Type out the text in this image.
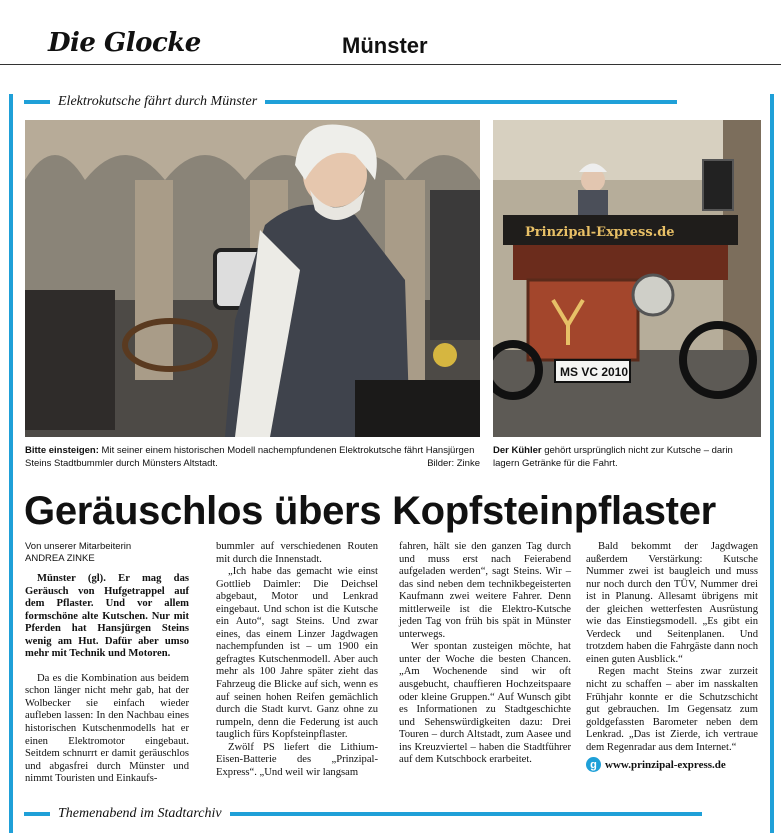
Die Glocke	Münster
Elektrokutsche fährt durch Münster
Prinzipal-Express.de
MS VC 2010
Bitte einsteigen: Mit seiner einem historischen Modell nachempfundenen Elektrokutsche fährt Hansjürgen Steins Stadtbummler durch Münsters Altstadt.	Bilder: Zinke
Der Kühler gehört ursprünglich nicht zur Kutsche – darin lagern Getränke für die Fahrt.
Geräuschlos übers Kopfsteinpflaster
Von unserer Mitarbeiterin
ANDREA ZINKE

Münster (gl). Er mag das Geräusch von Hufgetrappel auf dem Pflaster. Und vor allem formschöne alte Kutschen. Nur mit Pferden hat Hansjürgen Steins wenig am Hut. Dafür aber umso mehr mit Technik und Motoren.

Da es die Kombination aus beidem schon länger nicht mehr gab, hat der Wolbecker sie einfach wieder aufleben lassen: In den Nachbau eines historischen Kutschenmodells hat er einen Elektromotor eingebaut. Seitdem schnurrt er damit geräuschlos und abgasfrei durch Münster und nimmt Touristen und Einkaufs-

bummler auf verschiedenen Routen mit durch die Innenstadt.

„Ich habe das gemacht wie einst Gottlieb Daimler: Die Deichsel abgebaut, Motor und Lenkrad eingebaut. Und schon ist die Kutsche ein Auto“, sagt Steins. Und zwar eines, das einem Linzer Jagdwagen nachempfunden ist – um 1900 ein gefragtes Kutschenmodell. Aber auch mehr als 100 Jahre später zieht das Fahrzeug die Blicke auf sich, wenn es auf seinen hohen Reifen gemächlich durch die Stadt kurvt. Ganz ohne zu rumpeln, denn die Federung ist auch tauglich fürs Kopfsteinpflaster.

Zwölf PS liefert die Lithium-Eisen-Batterie des „Prinzipal-Express“. „Und weil wir langsam

fahren, hält sie den ganzen Tag durch und muss erst nach Feierabend aufgeladen werden“, sagt Steins. Wir – das sind neben dem technikbegeisterten Kaufmann zwei weitere Fahrer. Denn mittlerweile ist die Elektro-Kutsche jeden Tag von früh bis spät in Münster unterwegs.

Wer spontan zusteigen möchte, hat unter der Woche die besten Chancen. „Am Wochenende sind wir oft ausgebucht, chauffieren Hochzeitspaare oder kleine Gruppen.“ Auf Wunsch gibt es Informationen zu Stadtgeschichte und Sehenswürdigkeiten dazu: Drei Touren – durch Altstadt, zum Aasee und ins Kreuzviertel – haben die Stadtführer auf dem Kutschbock erarbeitet.

Bald bekommt der Jagdwagen außerdem Verstärkung: Kutsche Nummer zwei ist baugleich und muss nur noch durch den TÜV, Nummer drei ist in Planung. Allesamt übrigens mit der gleichen wetterfesten Ausrüstung wie das Einstiegsmodell. „Es gibt ein Verdeck und Seitenplanen. Und trotzdem haben die Fahrgäste dann noch einen guten Ausblick.“

Regen macht Steins zwar zurzeit nicht zu schaffen – aber im nasskalten Frühjahr konnte er die Schutzschicht gut gebrauchen. Im Gegensatz zum goldgefassten Barometer neben dem Lenkrad. „Das ist Zierde, ich vertraue dem Regenradar aus dem Internet.“

g www.prinzipal-express.de
Themenabend im Stadtarchiv
